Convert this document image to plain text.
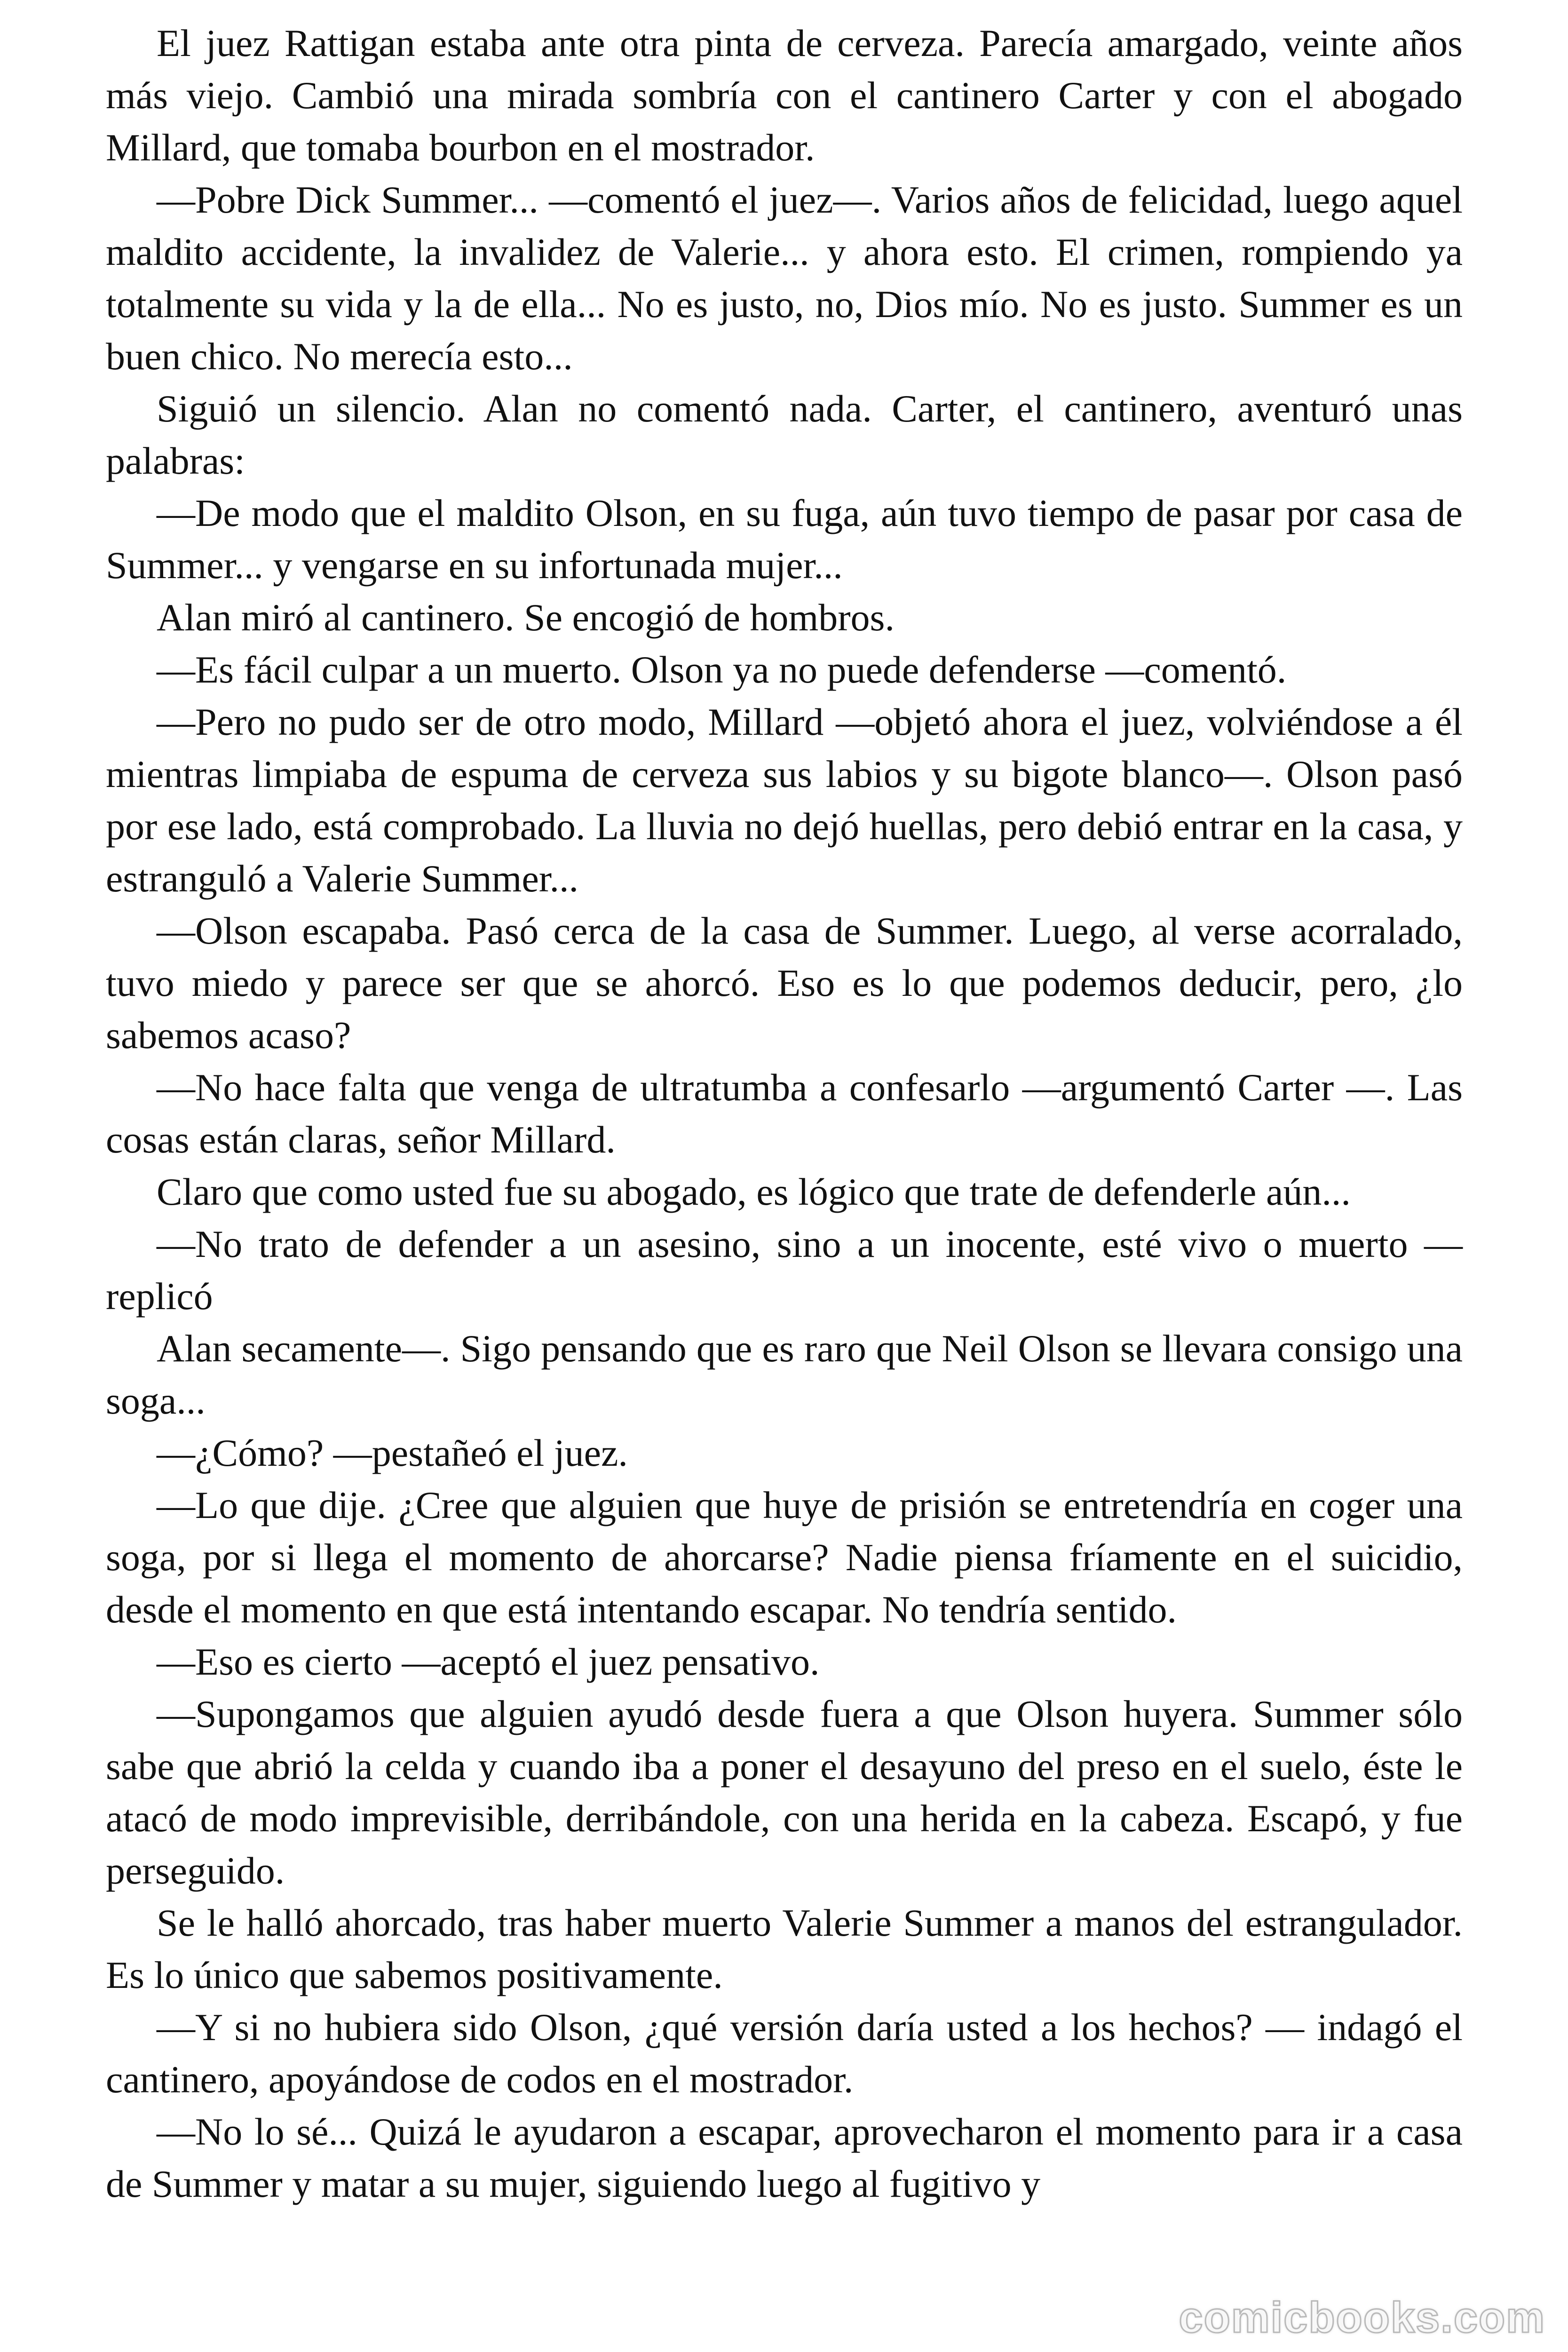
El juez Rattigan estaba ante otra pinta de cerveza. Parecía amargado, veinte años más viejo. Cambió una mirada sombría con el cantinero Carter y con el abogado Millard, que tomaba bourbon en el mostrador.

—Pobre Dick Summer... —comentó el juez—. Varios años de felicidad, luego aquel maldito accidente, la invalidez de Valerie... y ahora esto. El crimen, rompiendo ya totalmente su vida y la de ella... No es justo, no, Dios mío. No es justo. Summer es un buen chico. No merecía esto...

Siguió un silencio. Alan no comentó nada. Carter, el cantinero, aventuró unas palabras:

—De modo que el maldito Olson, en su fuga, aún tuvo tiempo de pasar por casa de Summer... y vengarse en su infortunada mujer...

Alan miró al cantinero. Se encogió de hombros.

—Es fácil culpar a un muerto. Olson ya no puede defenderse —comentó.

—Pero no pudo ser de otro modo, Millard —objetó ahora el juez, volviéndose a él mientras limpiaba de espuma de cerveza sus labios y su bigote blanco—. Olson pasó por ese lado, está comprobado. La lluvia no dejó huellas, pero debió entrar en la casa, y estranguló a Valerie Summer...

—Olson escapaba. Pasó cerca de la casa de Summer. Luego, al verse acorralado, tuvo miedo y parece ser que se ahorcó. Eso es lo que podemos deducir, pero, ¿lo sabemos acaso?

—No hace falta que venga de ultratumba a confesarlo —argumentó Carter —. Las cosas están claras, señor Millard.

Claro que como usted fue su abogado, es lógico que trate de defenderle aún...

—No trato de defender a un asesino, sino a un inocente, esté vivo o muerto —replicó

Alan secamente—. Sigo pensando que es raro que Neil Olson se llevara consigo una soga...

—¿Cómo? —pestañeó el juez.

—Lo que dije. ¿Cree que alguien que huye de prisión se entretendría en coger una soga, por si llega el momento de ahorcarse? Nadie piensa fríamente en el suicidio, desde el momento en que está intentando escapar. No tendría sentido.

—Eso es cierto —aceptó el juez pensativo.

—Supongamos que alguien ayudó desde fuera a que Olson huyera. Summer sólo sabe que abrió la celda y cuando iba a poner el desayuno del preso en el suelo, éste le atacó de modo imprevisible, derribándole, con una herida en la cabeza. Escapó, y fue perseguido.

Se le halló ahorcado, tras haber muerto Valerie Summer a manos del estrangulador. Es lo único que sabemos positivamente.

—Y si no hubiera sido Olson, ¿qué versión daría usted a los hechos? — indagó el cantinero, apoyándose de codos en el mostrador.

—No lo sé... Quizá le ayudaron a escapar, aprovecharon el momento para ir a casa de Summer y matar a su mujer, siguiendo luego al fugitivo y

comicbooks.com
